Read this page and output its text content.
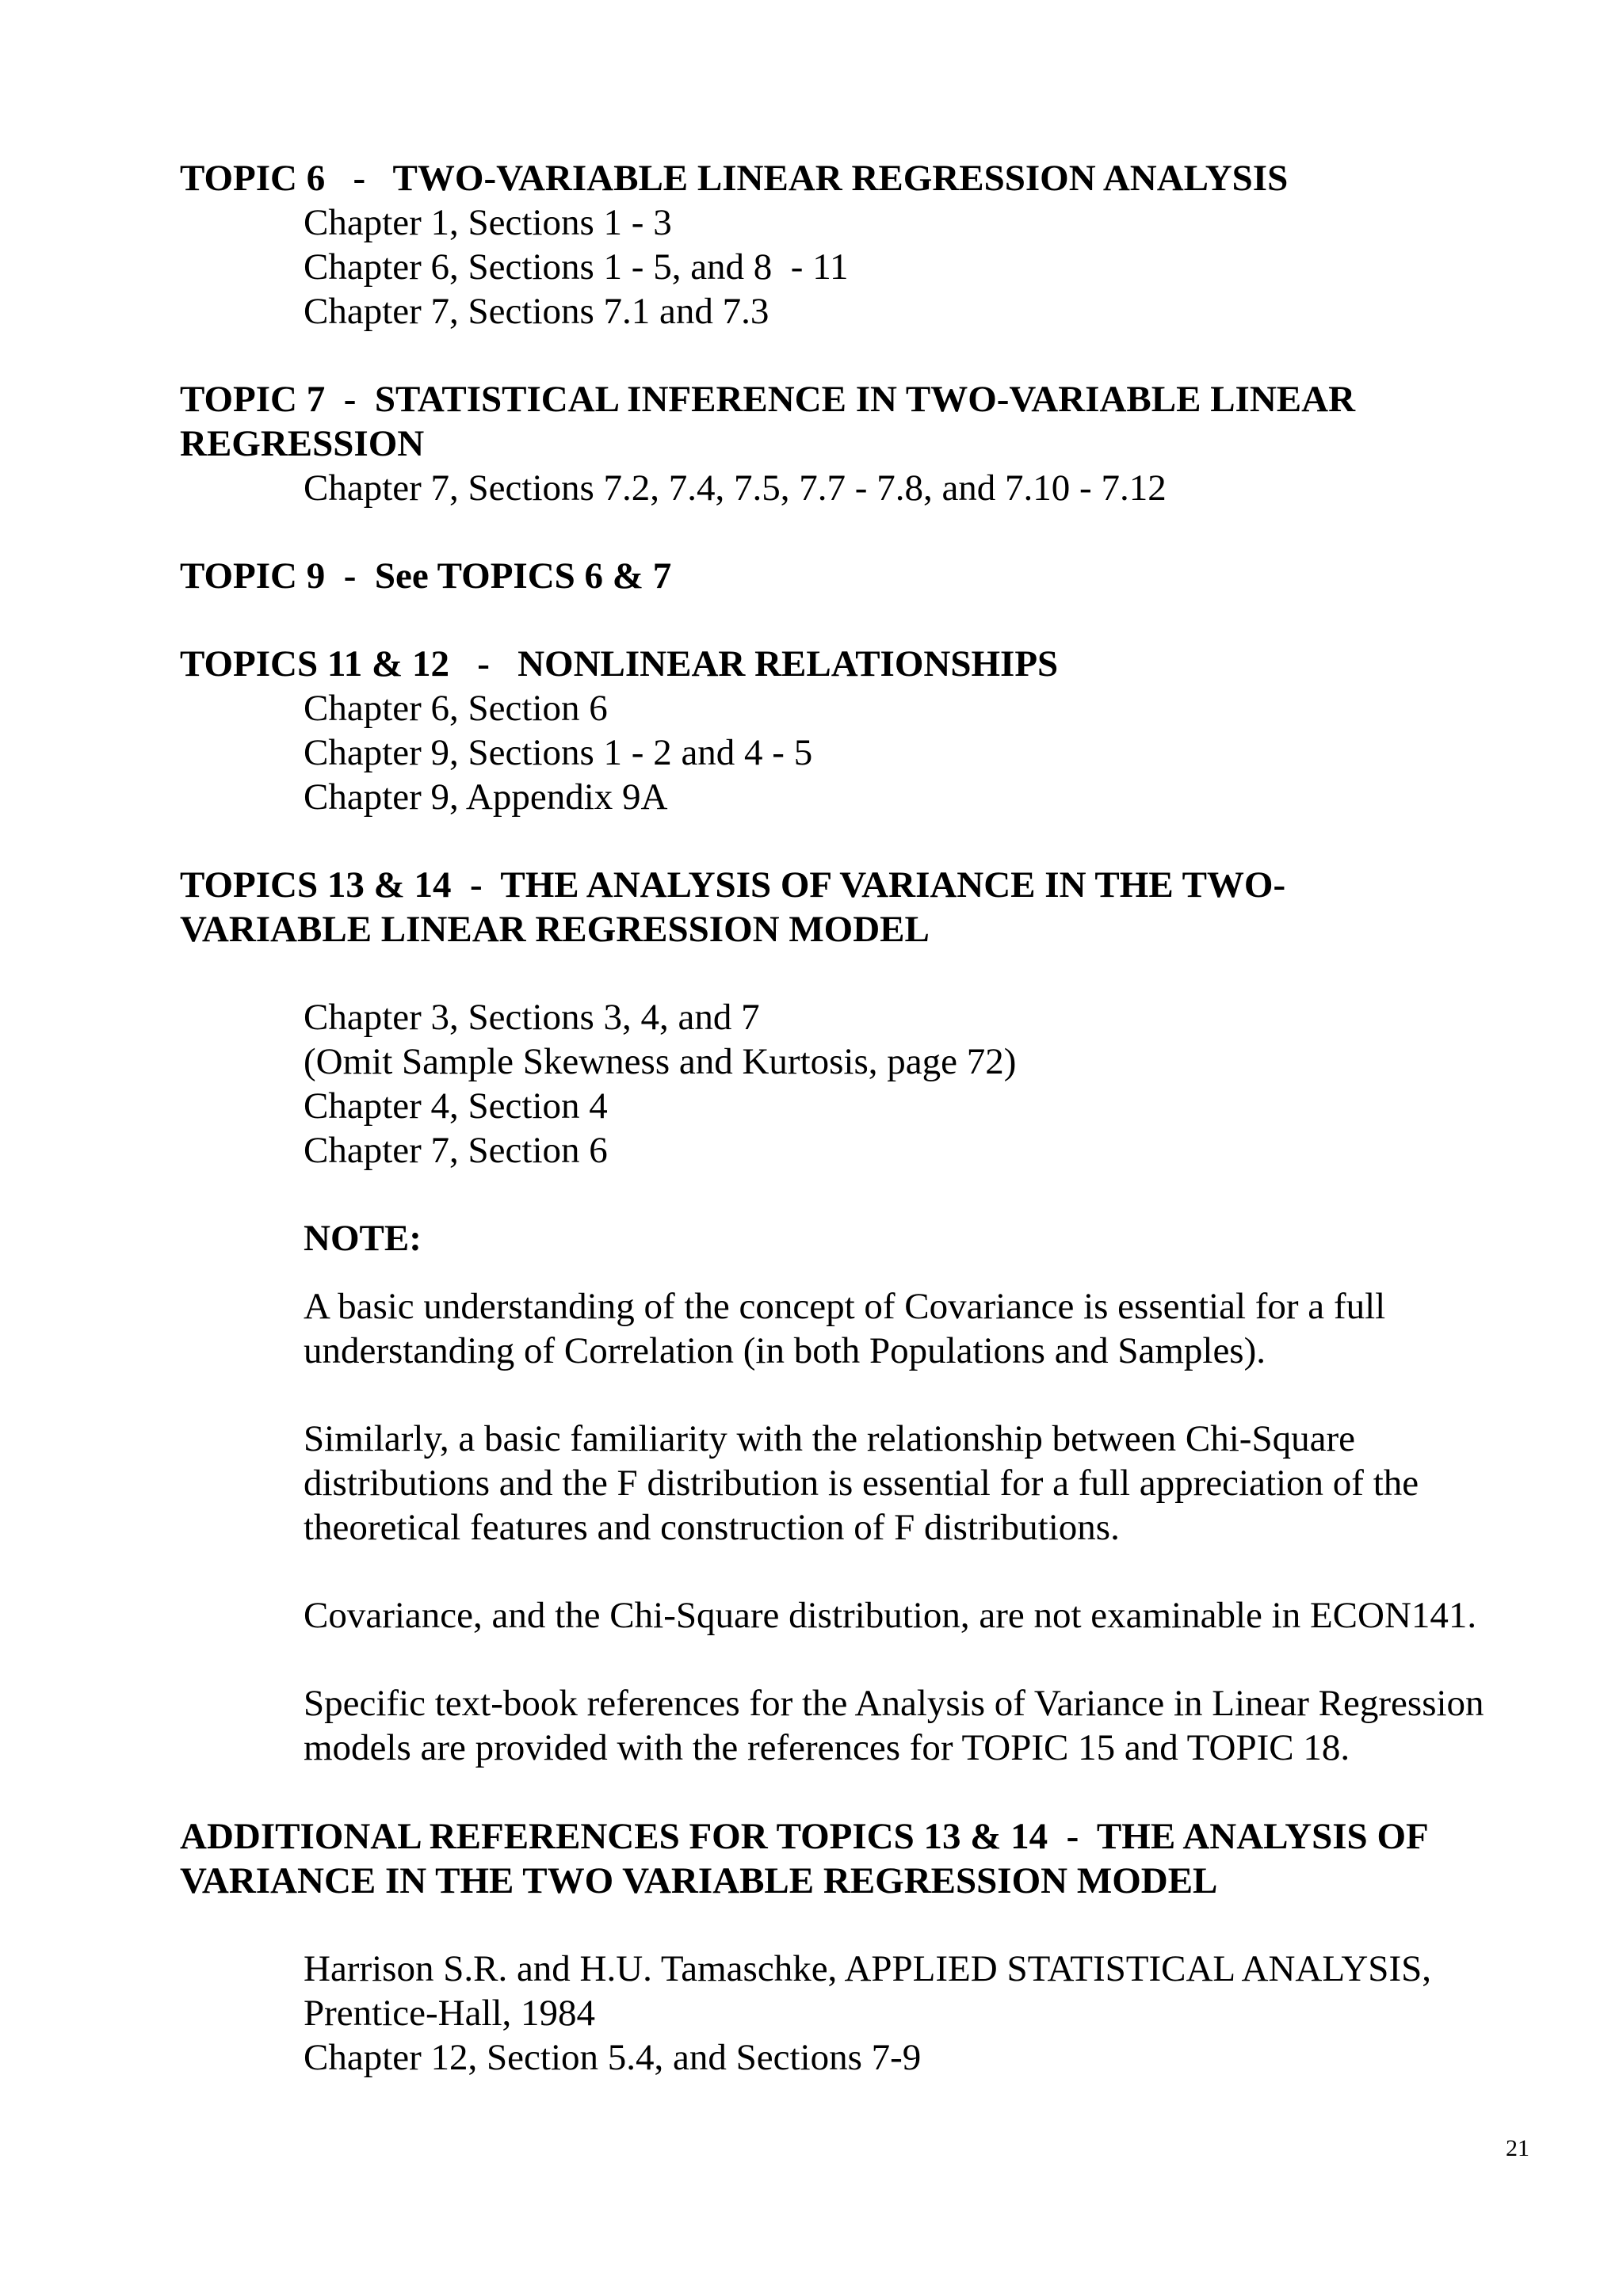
TOPIC 6   -   TWO-VARIABLE LINEAR REGRESSION ANALYSIS
Chapter 1, Sections 1 - 3
Chapter 6, Sections 1 - 5, and 8  - 11
Chapter 7, Sections 7.1 and 7.3
TOPIC 7  -  STATISTICAL INFERENCE IN TWO-VARIABLE LINEAR
REGRESSION
Chapter 7, Sections 7.2, 7.4, 7.5, 7.7 - 7.8, and 7.10 - 7.12
TOPIC 9  -  See TOPICS 6 & 7
TOPICS 11 & 12   -   NONLINEAR RELATIONSHIPS
Chapter 6, Section 6
Chapter 9, Sections 1 - 2 and 4 - 5
Chapter 9, Appendix 9A
TOPICS 13 & 14  -  THE ANALYSIS OF VARIANCE IN THE TWO-
VARIABLE LINEAR REGRESSION MODEL
Chapter 3, Sections 3, 4, and 7
(Omit Sample Skewness and Kurtosis, page 72)
Chapter 4, Section 4
Chapter 7, Section 6
NOTE:
A basic understanding of the concept of Covariance is essential for a full
understanding of Correlation (in both Populations and Samples).
Similarly, a basic familiarity with the relationship between Chi-Square
distributions and the F distribution is essential for a full appreciation of the
theoretical features and construction of F distributions.
Covariance, and the Chi-Square distribution, are not examinable in ECON141.
Specific text-book references for the Analysis of Variance in Linear Regression
models are provided with the references for TOPIC 15 and TOPIC 18.
ADDITIONAL REFERENCES FOR TOPICS 13 & 14  -  THE ANALYSIS OF
VARIANCE IN THE TWO VARIABLE REGRESSION MODEL
Harrison S.R. and H.U. Tamaschke, APPLIED STATISTICAL ANALYSIS,
Prentice-Hall, 1984
Chapter 12, Section 5.4, and Sections 7-9
21
